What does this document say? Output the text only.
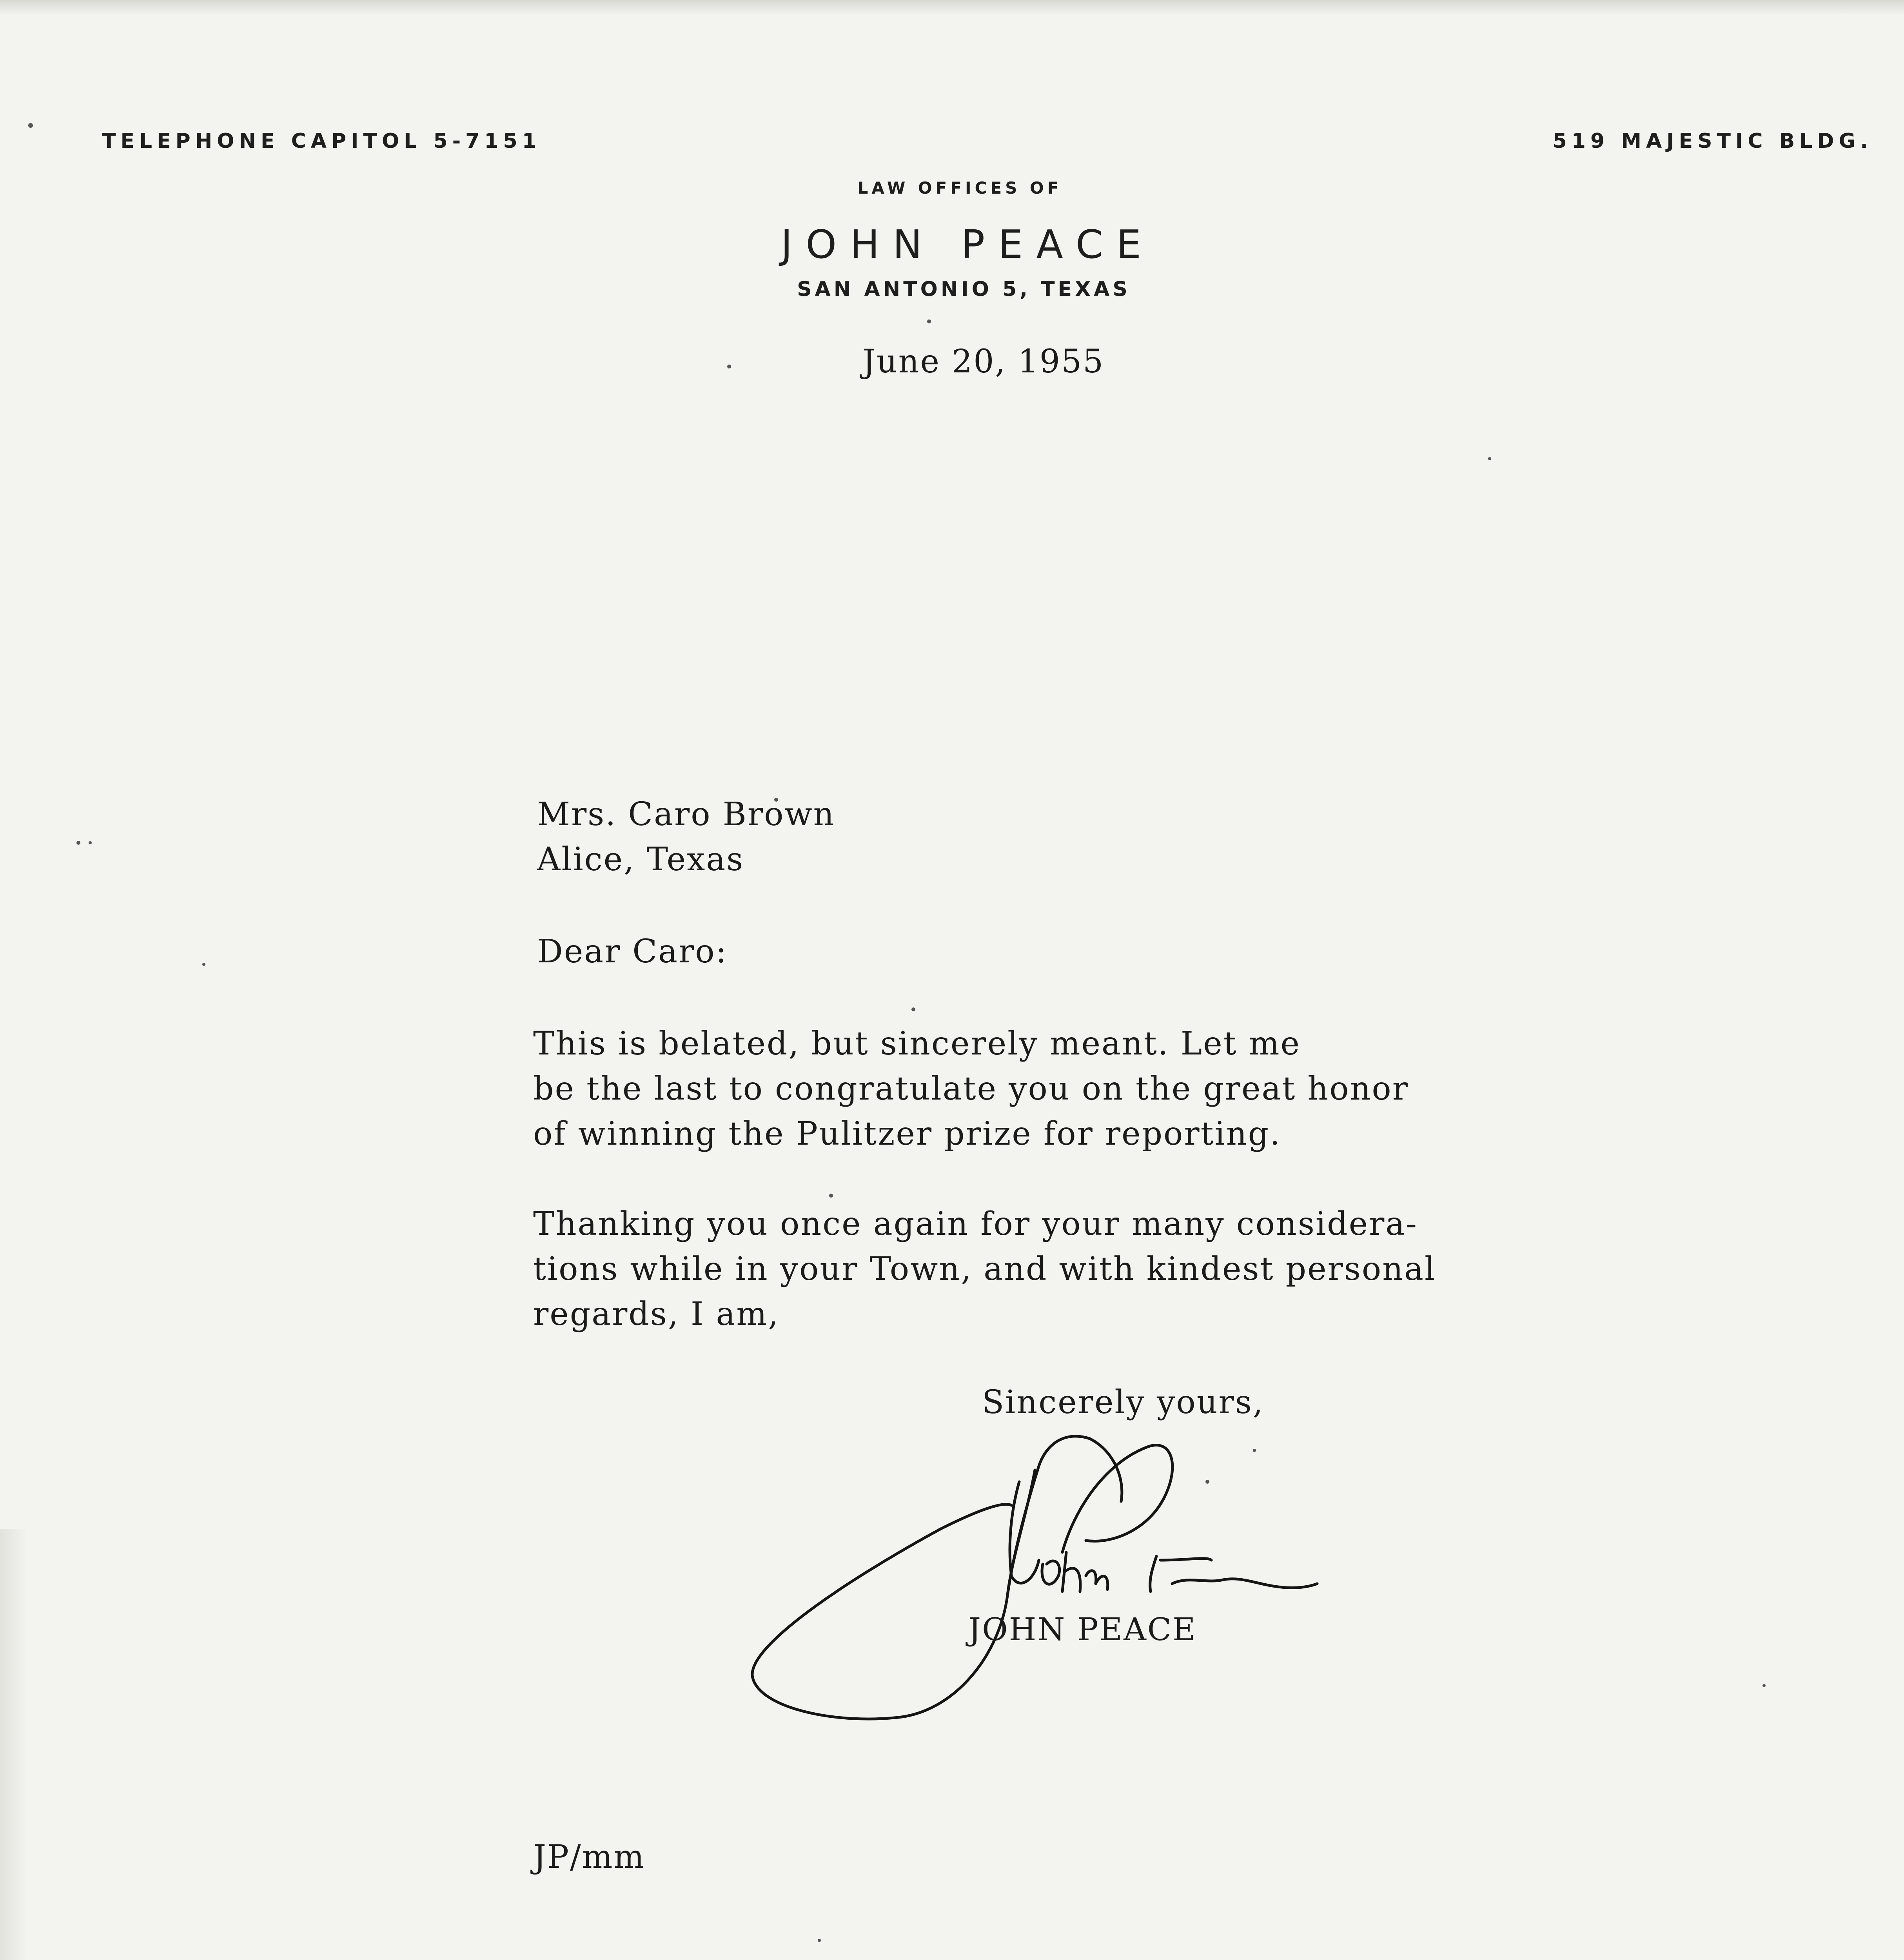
TELEPHONE CAPITOL 5-7151	519 MAJESTIC BLDG.
LAW OFFICES OF
JOHN PEACE
SAN ANTONIO 5, TEXAS
June 20, 1955
Mrs. Caro Brown
Alice, Texas
Dear Caro:
This is belated, but sincerely meant. Let me
be the last to congratulate you on the great honor
of winning the Pulitzer prize for reporting.
Thanking you once again for your many considera-
tions while in your Town, and with kindest personal
regards, I am,
Sincerely yours,
JOHN PEACE
JP/mm
